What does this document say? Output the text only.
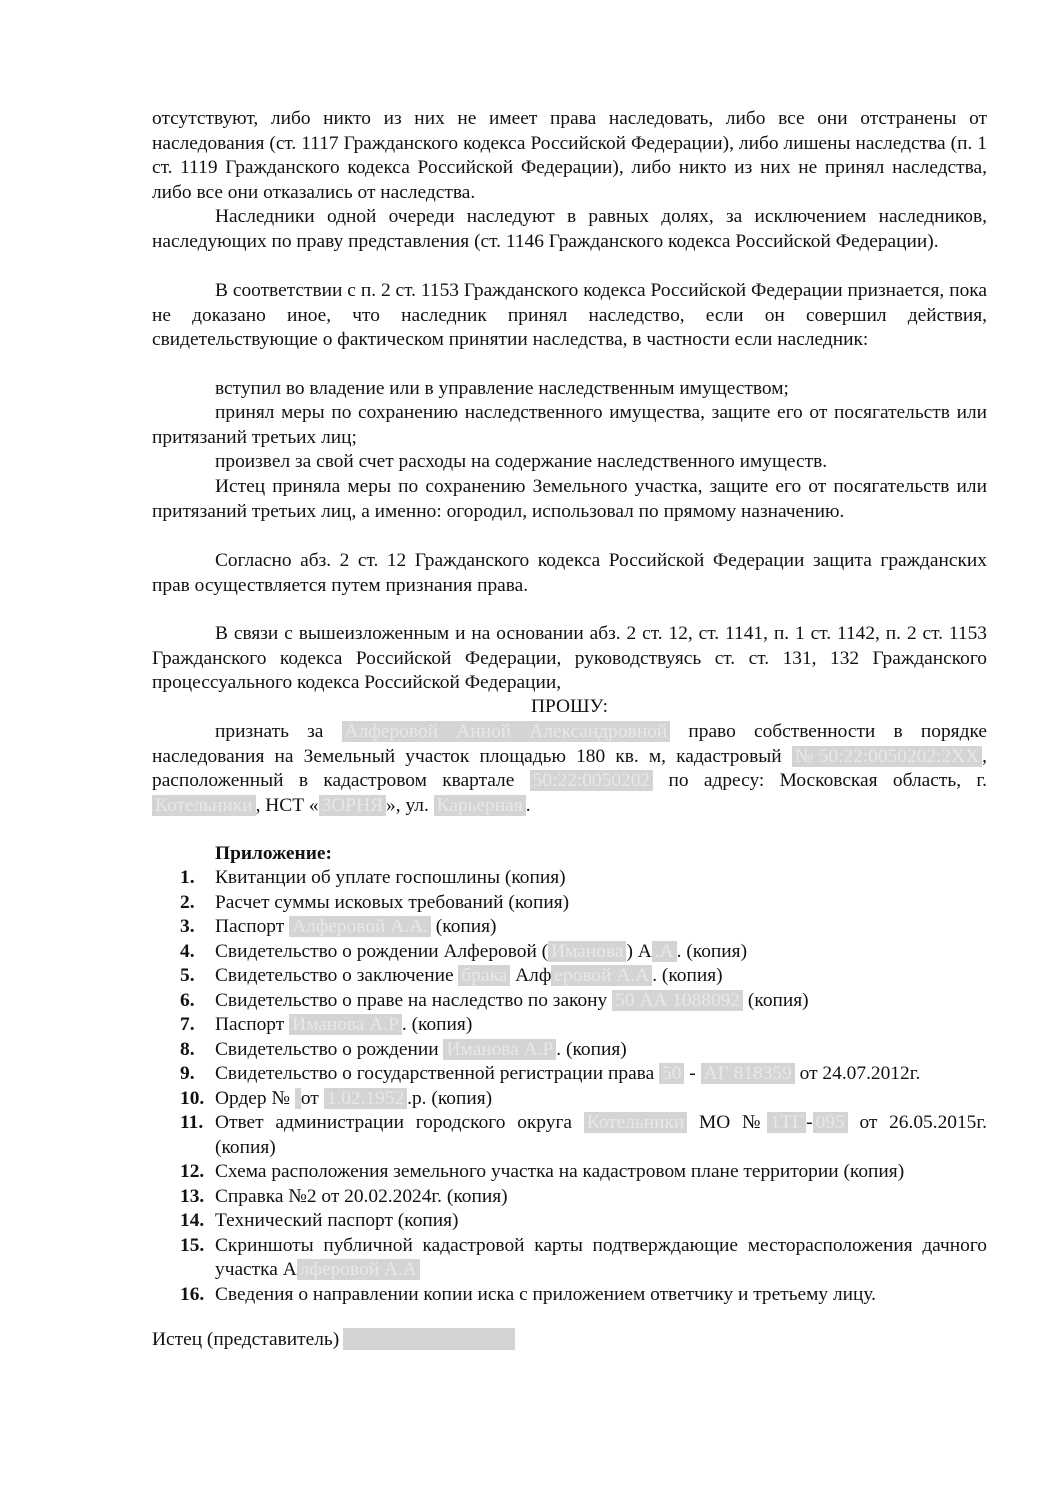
отсутствуют, либо никто из них не имеет права наследовать, либо все они отстранены от наследования (ст. 1117 Гражданского кодекса Российской Федерации), либо лишены наследства (п. 1 ст. 1119 Гражданского кодекса Российской Федерации), либо никто из них не принял наследства, либо все они отказались от наследства.

Наследники одной очереди наследуют в равных долях, за исключением наследников, наследующих по праву представления (ст. 1146 Гражданского кодекса Российской Федерации).

В соответствии с п. 2 ст. 1153 Гражданского кодекса Российской Федерации признается, пока не доказано иное, что наследник принял наследство, если он совершил действия, свидетельствующие о фактическом принятии наследства, в частности если наследник:

вступил во владение или в управление наследственным имуществом;

принял меры по сохранению наследственного имущества, защите его от посягательств или притязаний третьих лиц;

произвел за свой счет расходы на содержание наследственного имуществ.

Истец приняла меры по сохранению Земельного участка, защите его от посягательств или притязаний третьих лиц, а именно: огородил, использовал по прямому назначению.

Согласно абз. 2 ст. 12 Гражданского кодекса Российской Федерации защита гражданских прав осуществляется путем признания права.

В связи с вышеизложенным и на основании абз. 2 ст. 12, ст. 1141, п. 1 ст. 1142, п. 2 ст. 1153 Гражданского кодекса Российской Федерации, руководствуясь ст. ст. 131, 132 Гражданского процессуального кодекса Российской Федерации,

ПРОШУ:

признать за Алферовой Анной Александровной право собственности в порядке наследования на Земельный участок площадью 180 кв. м, кадастровый №50:22:0050202:2XX , расположенный в кадастровом квартале 50:22:0050202 по адресу: Московская область, г. Котельники , НСТ « ЗОРНЯ », ул. Карьерная .

Приложение:
1. Квитанции об уплате госпошлины (копия)
2. Расчет суммы исковых требований (копия)
3. Паспорт Алферовой А.А. (копия)
4. Свидетельство о рождении Алферовой ( Иманова ) А .А . (копия)
5. Свидетельство о заключение брака Алф еровой А.А . (копия)
6. Свидетельство о праве на наследство по закону 50 АА 1088092 (копия)
7. Паспорт Иманова А.Р . (копия)
8. Свидетельство о рождении Иманова А.Р . (копия)
9. Свидетельство о государственной регистрации права 50 - АГ 818359 от 24.07.2012г.
10. Ордер № от 1.02.1952 .р. (копия)
11. Ответ администрации городского округа Котельники МО № 1ТГ - 095 от 26.05.2015г. (копия)
12. Схема расположения земельного участка на кадастровом плане территории (копия)
13. Справка №2 от 20.02.2024г. (копия)
14. Технический паспорт (копия)
15. Скриншоты публичной кадастровой карты подтверждающие месторасположения дачного участка А лферовой А.А
16. Сведения о направлении копии иска с приложением ответчику и третьему лицу.
Истец (представитель)
